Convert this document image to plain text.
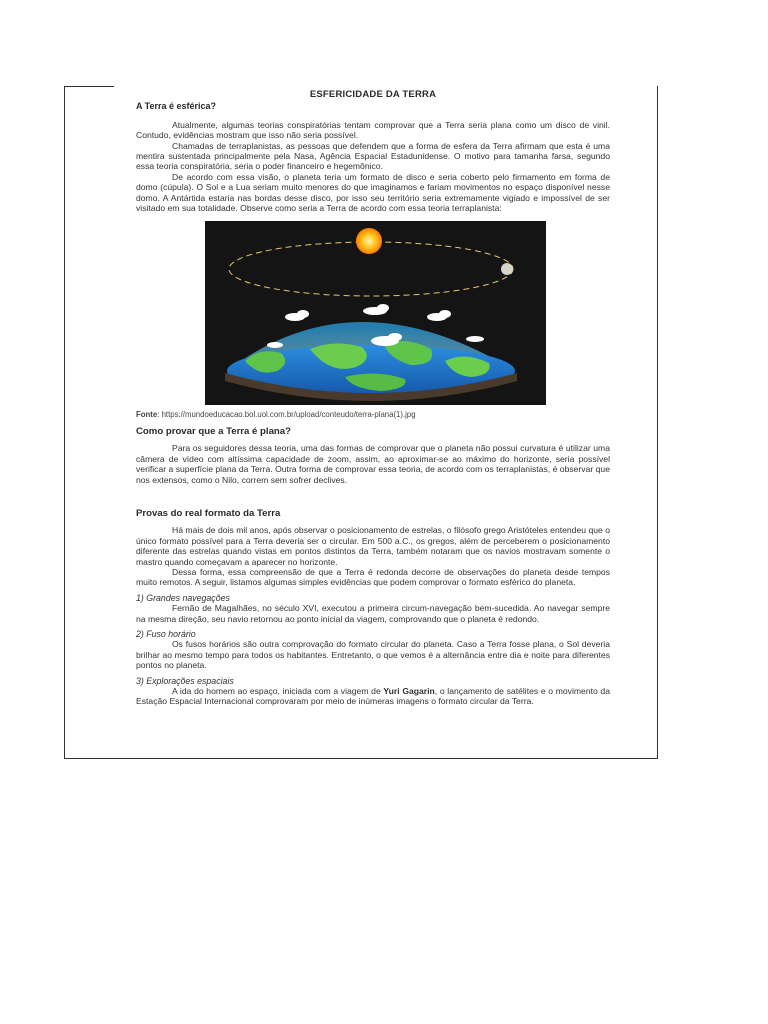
ESFERICIDADE DA TERRA
A Terra é esférica?

Atualmente, algumas teorias conspiratórias tentam comprovar que a Terra seria plana como um disco de vinil. Contudo, evidências mostram que isso não seria possível.

Chamadas de terraplanistas, as pessoas que defendem que a forma de esfera da Terra afirmam que esta é uma mentira sustentada principalmente pela Nasa, Agência Espacial Estadunidense. O motivo para tamanha farsa, segundo essa teoria conspiratória, seria o poder financeiro e hegemônico.

De acordo com essa visão, o planeta teria um formato de disco e seria coberto pelo firmamento em forma de domo (cúpula). O Sol e a Lua seriam muito menores do que imaginamos e fariam movimentos no espaço disponível nesse domo. A Antártida estaria nas bordas desse disco, por isso seu território seria extremamente vigiado e impossível de ser visitado em sua totalidade. Observe como seria a Terra de acordo com essa teoria terraplanista:

Fonte: https://mundoeducacao.bol.uol.com.br/upload/conteudo/terra-plana(1).jpg
Como provar que a Terra é plana?

Para os seguidores dessa teoria, uma das formas de comprovar que o planeta não possui curvatura é utilizar uma câmera de vídeo com altíssima capacidade de zoom, assim, ao aproximar-se ao máximo do horizonte, seria possível verificar a superfície plana da Terra. Outra forma de comprovar essa teoria, de acordo com os terraplanistas, é observar que nos extensos, como o Nilo, correm sem sofrer declives.

Provas do real formato da Terra

Há mais de dois mil anos, após observar o posicionamento de estrelas, o filósofo grego Aristóteles entendeu que o único formato possível para a Terra deveria ser o circular. Em 500 a.C., os gregos, além de perceberem o posicionamento diferente das estrelas quando vistas em pontos distintos da Terra, também notaram que os navios mostravam somente o mastro quando começavam a aparecer no horizonte.

Dessa forma, essa compreensão de que a Terra é redonda decorre de observações do planeta desde tempos muito remotos. A seguir, listamos algumas simples evidências que podem comprovar o formato esférico do planeta.

1) Grandes navegações

Fernão de Magalhães, no século XVI, executou a primeira circum-navegação bem-sucedida. Ao navegar sempre na mesma direção, seu navio retornou ao ponto inicial da viagem, comprovando que o planeta é redondo.

2) Fuso horário

Os fusos horários são outra comprovação do formato circular do planeta. Caso a Terra fosse plana, o Sol deveria brilhar ao mesmo tempo para todos os habitantes. Entretanto, o que vemos é a alternância entre dia e noite para diferentes pontos no planeta.

3) Explorações espaciais

A ida do homem ao espaço, iniciada com a viagem de Yuri Gagarin, o lançamento de satélites e o movimento da Estação Espacial Internacional comprovaram por meio de inúmeras imagens o formato circular da Terra.
